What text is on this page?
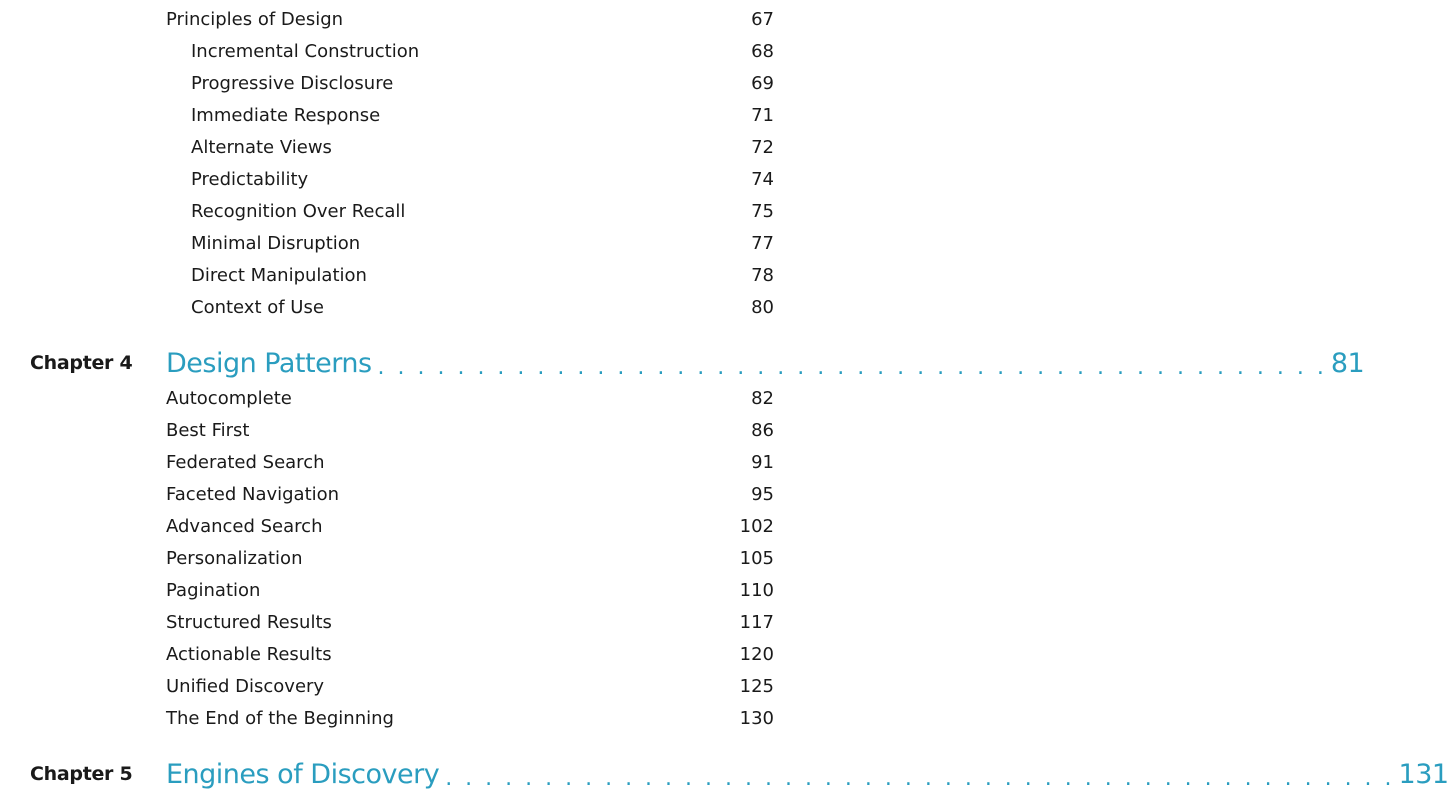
Principles of Design	67
Incremental Construction	68
Progressive Disclosure	69
Immediate Response	71
Alternate Views	72
Predictability	74
Recognition Over Recall	75
Minimal Disruption	77
Direct Manipulation	78
Context of Use	80
Chapter 4 Design Patterns . . . . . . . . . . . . . . . . . . . . . . . . . . . . . . . . . . . . . . . . . . . . . . . . 81
Autocomplete	82
Best First	86
Federated Search	91
Faceted Navigation	95
Advanced Search	102
Personalization	105
Pagination	110
Structured Results	117
Actionable Results	120
Unified Discovery	125
The End of the Beginning	130
Chapter 5 Engines of Discovery . . . . . . . . . . . . . . . . . . . . . . . . . . . . . . . . . . . . . . . . . . . . . . . . 131
